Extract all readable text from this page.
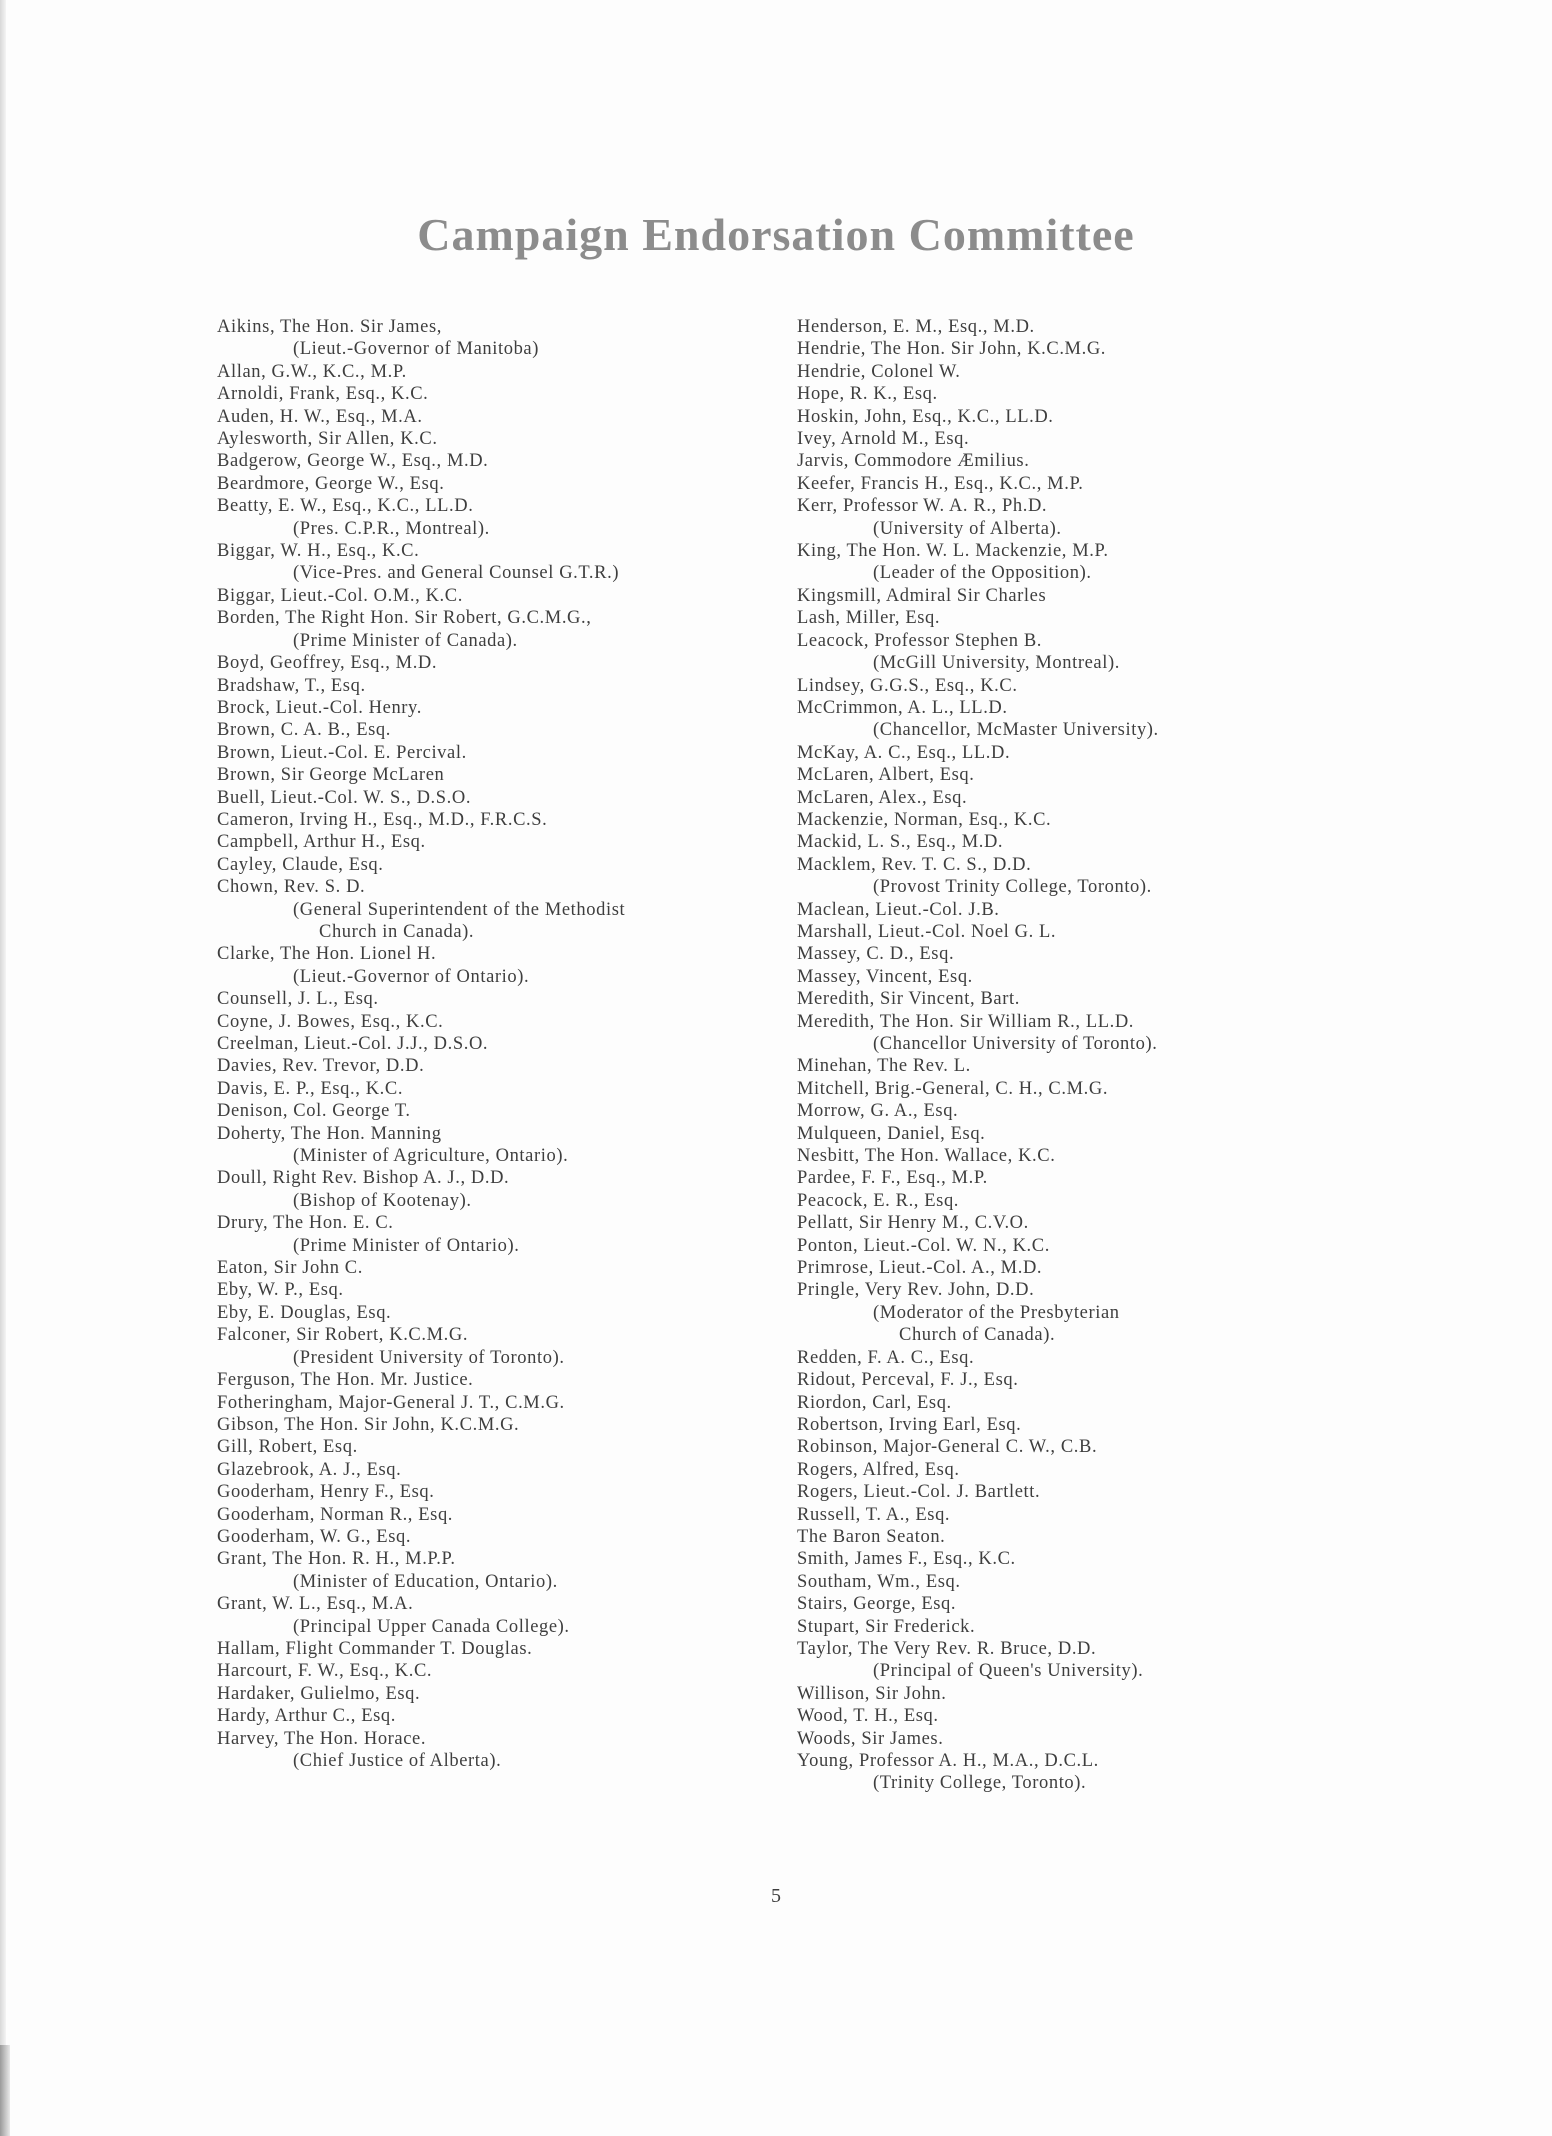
Campaign Endorsation Committee
Aikins, The Hon. Sir James,
(Lieut.-Governor of Manitoba)
Allan, G.W., K.C., M.P.
Arnoldi, Frank, Esq., K.C.
Auden, H. W., Esq., M.A.
Aylesworth, Sir Allen, K.C.
Badgerow, George W., Esq., M.D.
Beardmore, George W., Esq.
Beatty, E. W., Esq., K.C., LL.D.
(Pres. C.P.R., Montreal).
Biggar, W. H., Esq., K.C.
(Vice-Pres. and General Counsel G.T.R.)
Biggar, Lieut.-Col. O.M., K.C.
Borden, The Right Hon. Sir Robert, G.C.M.G.,
(Prime Minister of Canada).
Boyd, Geoffrey, Esq., M.D.
Bradshaw, T., Esq.
Brock, Lieut.-Col. Henry.
Brown, C. A. B., Esq.
Brown, Lieut.-Col. E. Percival.
Brown, Sir George McLaren
Buell, Lieut.-Col. W. S., D.S.O.
Cameron, Irving H., Esq., M.D., F.R.C.S.
Campbell, Arthur H., Esq.
Cayley, Claude, Esq.
Chown, Rev. S. D.
(General Superintendent of the Methodist
Church in Canada).
Clarke, The Hon. Lionel H.
(Lieut.-Governor of Ontario).
Counsell, J. L., Esq.
Coyne, J. Bowes, Esq., K.C.
Creelman, Lieut.-Col. J.J., D.S.O.
Davies, Rev. Trevor, D.D.
Davis, E. P., Esq., K.C.
Denison, Col. George T.
Doherty, The Hon. Manning
(Minister of Agriculture, Ontario).
Doull, Right Rev. Bishop A. J., D.D.
(Bishop of Kootenay).
Drury, The Hon. E. C.
(Prime Minister of Ontario).
Eaton, Sir John C.
Eby, W. P., Esq.
Eby, E. Douglas, Esq.
Falconer, Sir Robert, K.C.M.G.
(President University of Toronto).
Ferguson, The Hon. Mr. Justice.
Fotheringham, Major-General J. T., C.M.G.
Gibson, The Hon. Sir John, K.C.M.G.
Gill, Robert, Esq.
Glazebrook, A. J., Esq.
Gooderham, Henry F., Esq.
Gooderham, Norman R., Esq.
Gooderham, W. G., Esq.
Grant, The Hon. R. H., M.P.P.
(Minister of Education, Ontario).
Grant, W. L., Esq., M.A.
(Principal Upper Canada College).
Hallam, Flight Commander T. Douglas.
Harcourt, F. W., Esq., K.C.
Hardaker, Gulielmo, Esq.
Hardy, Arthur C., Esq.
Harvey, The Hon. Horace.
(Chief Justice of Alberta).
Henderson, E. M., Esq., M.D.
Hendrie, The Hon. Sir John, K.C.M.G.
Hendrie, Colonel W.
Hope, R. K., Esq.
Hoskin, John, Esq., K.C., LL.D.
Ivey, Arnold M., Esq.
Jarvis, Commodore Æmilius.
Keefer, Francis H., Esq., K.C., M.P.
Kerr, Professor W. A. R., Ph.D.
(University of Alberta).
King, The Hon. W. L. Mackenzie, M.P.
(Leader of the Opposition).
Kingsmill, Admiral Sir Charles
Lash, Miller, Esq.
Leacock, Professor Stephen B.
(McGill University, Montreal).
Lindsey, G.G.S., Esq., K.C.
McCrimmon, A. L., LL.D.
(Chancellor, McMaster University).
McKay, A. C., Esq., LL.D.
McLaren, Albert, Esq.
McLaren, Alex., Esq.
Mackenzie, Norman, Esq., K.C.
Mackid, L. S., Esq., M.D.
Macklem, Rev. T. C. S., D.D.
(Provost Trinity College, Toronto).
Maclean, Lieut.-Col. J.B.
Marshall, Lieut.-Col. Noel G. L.
Massey, C. D., Esq.
Massey, Vincent, Esq.
Meredith, Sir Vincent, Bart.
Meredith, The Hon. Sir William R., LL.D.
(Chancellor University of Toronto).
Minehan, The Rev. L.
Mitchell, Brig.-General, C. H., C.M.G.
Morrow, G. A., Esq.
Mulqueen, Daniel, Esq.
Nesbitt, The Hon. Wallace, K.C.
Pardee, F. F., Esq., M.P.
Peacock, E. R., Esq.
Pellatt, Sir Henry M., C.V.O.
Ponton, Lieut.-Col. W. N., K.C.
Primrose, Lieut.-Col. A., M.D.
Pringle, Very Rev. John, D.D.
(Moderator of the Presbyterian
Church of Canada).
Redden, F. A. C., Esq.
Ridout, Perceval, F. J., Esq.
Riordon, Carl, Esq.
Robertson, Irving Earl, Esq.
Robinson, Major-General C. W., C.B.
Rogers, Alfred, Esq.
Rogers, Lieut.-Col. J. Bartlett.
Russell, T. A., Esq.
The Baron Seaton.
Smith, James F., Esq., K.C.
Southam, Wm., Esq.
Stairs, George, Esq.
Stupart, Sir Frederick.
Taylor, The Very Rev. R. Bruce, D.D.
(Principal of Queen's University).
Willison, Sir John.
Wood, T. H., Esq.
Woods, Sir James.
Young, Professor A. H., M.A., D.C.L.
(Trinity College, Toronto).
5
